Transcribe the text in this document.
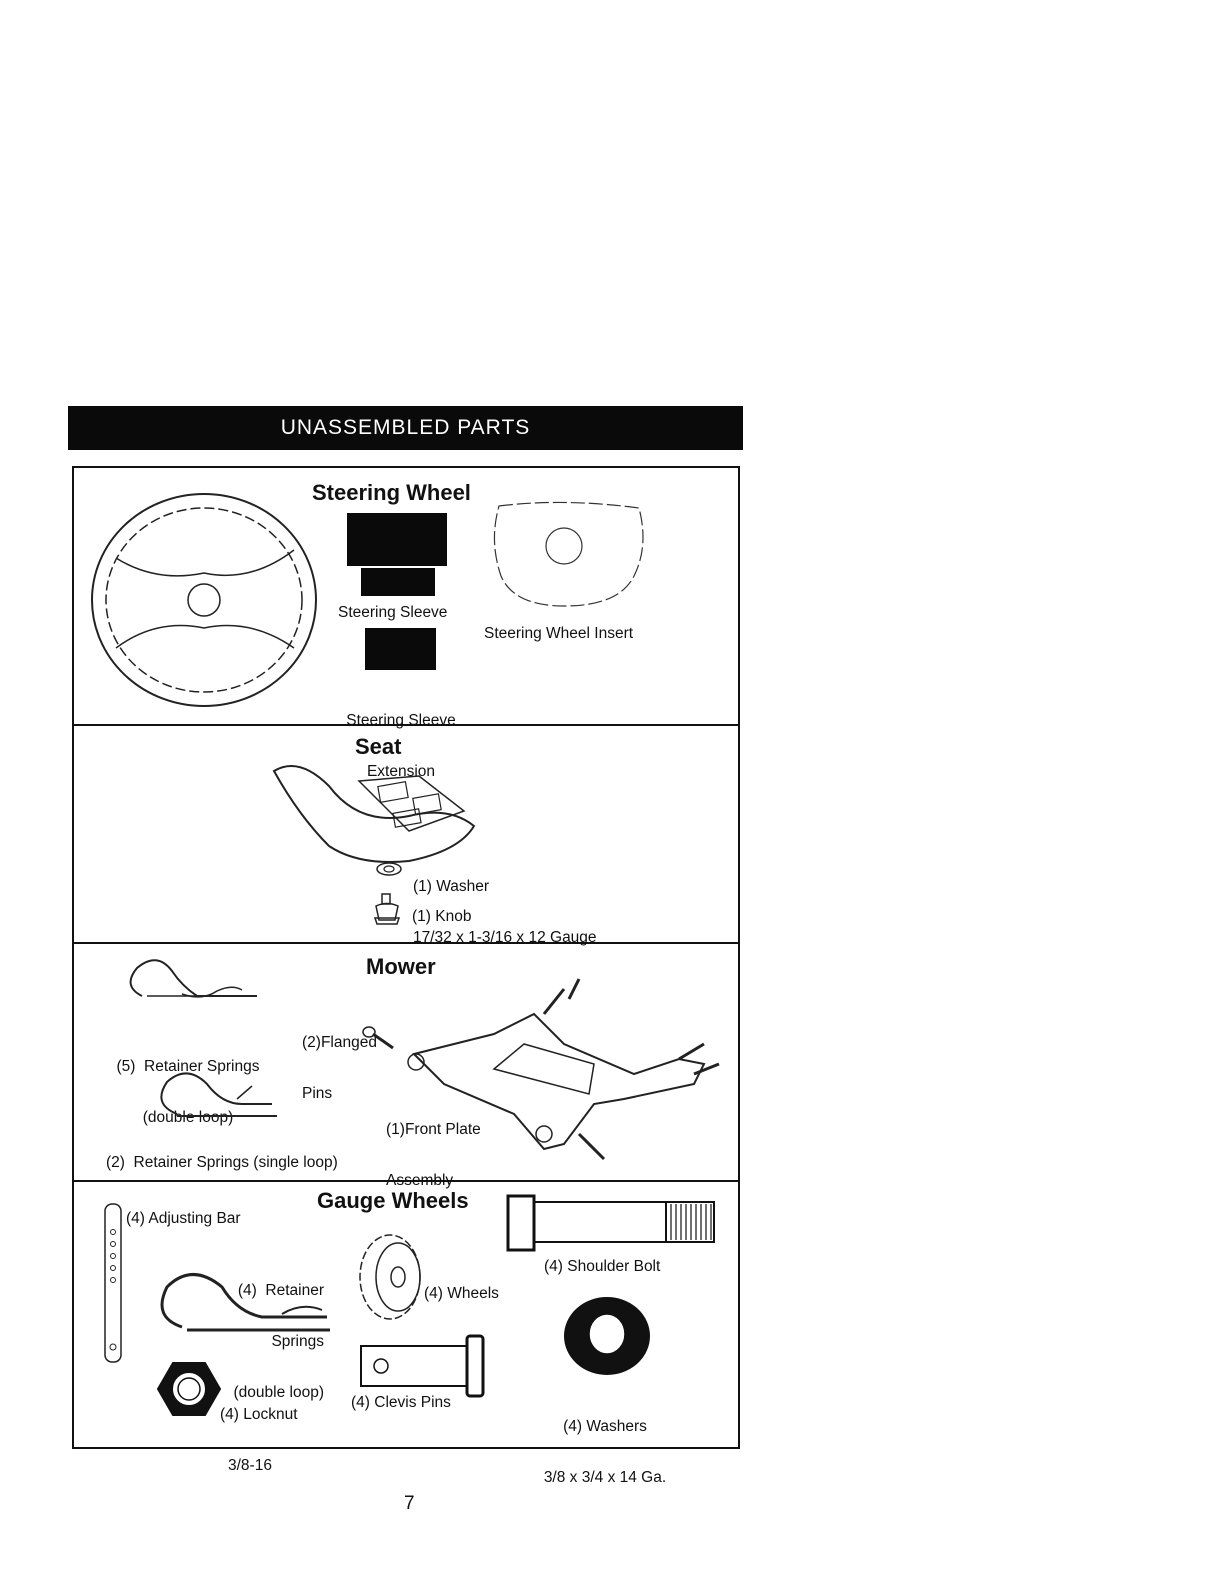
UNASSEMBLED PARTS
Steering Wheel
Steering Sleeve

Steering Sleeve

Extension

Steering Wheel Insert
Seat

(1) Washer

17/32 x 1-3/16 x 12 Gauge

(1) Knob
Mower

(5)  Retainer Springs

(double loop)

(2)  Retainer Springs (single loop)

(2)Flanged

Pins

(1)Front Plate

Assembly

Gauge Wheels
(4) Adjusting Bar

(4)  Retainer

Springs

(double loop)

(4) Locknut

3/8-16

(4) Wheels
(4) Clevis Pins
(4) Shoulder Bolt

(4) Washers

3/8 x 3/4 x 14 Ga.

7
